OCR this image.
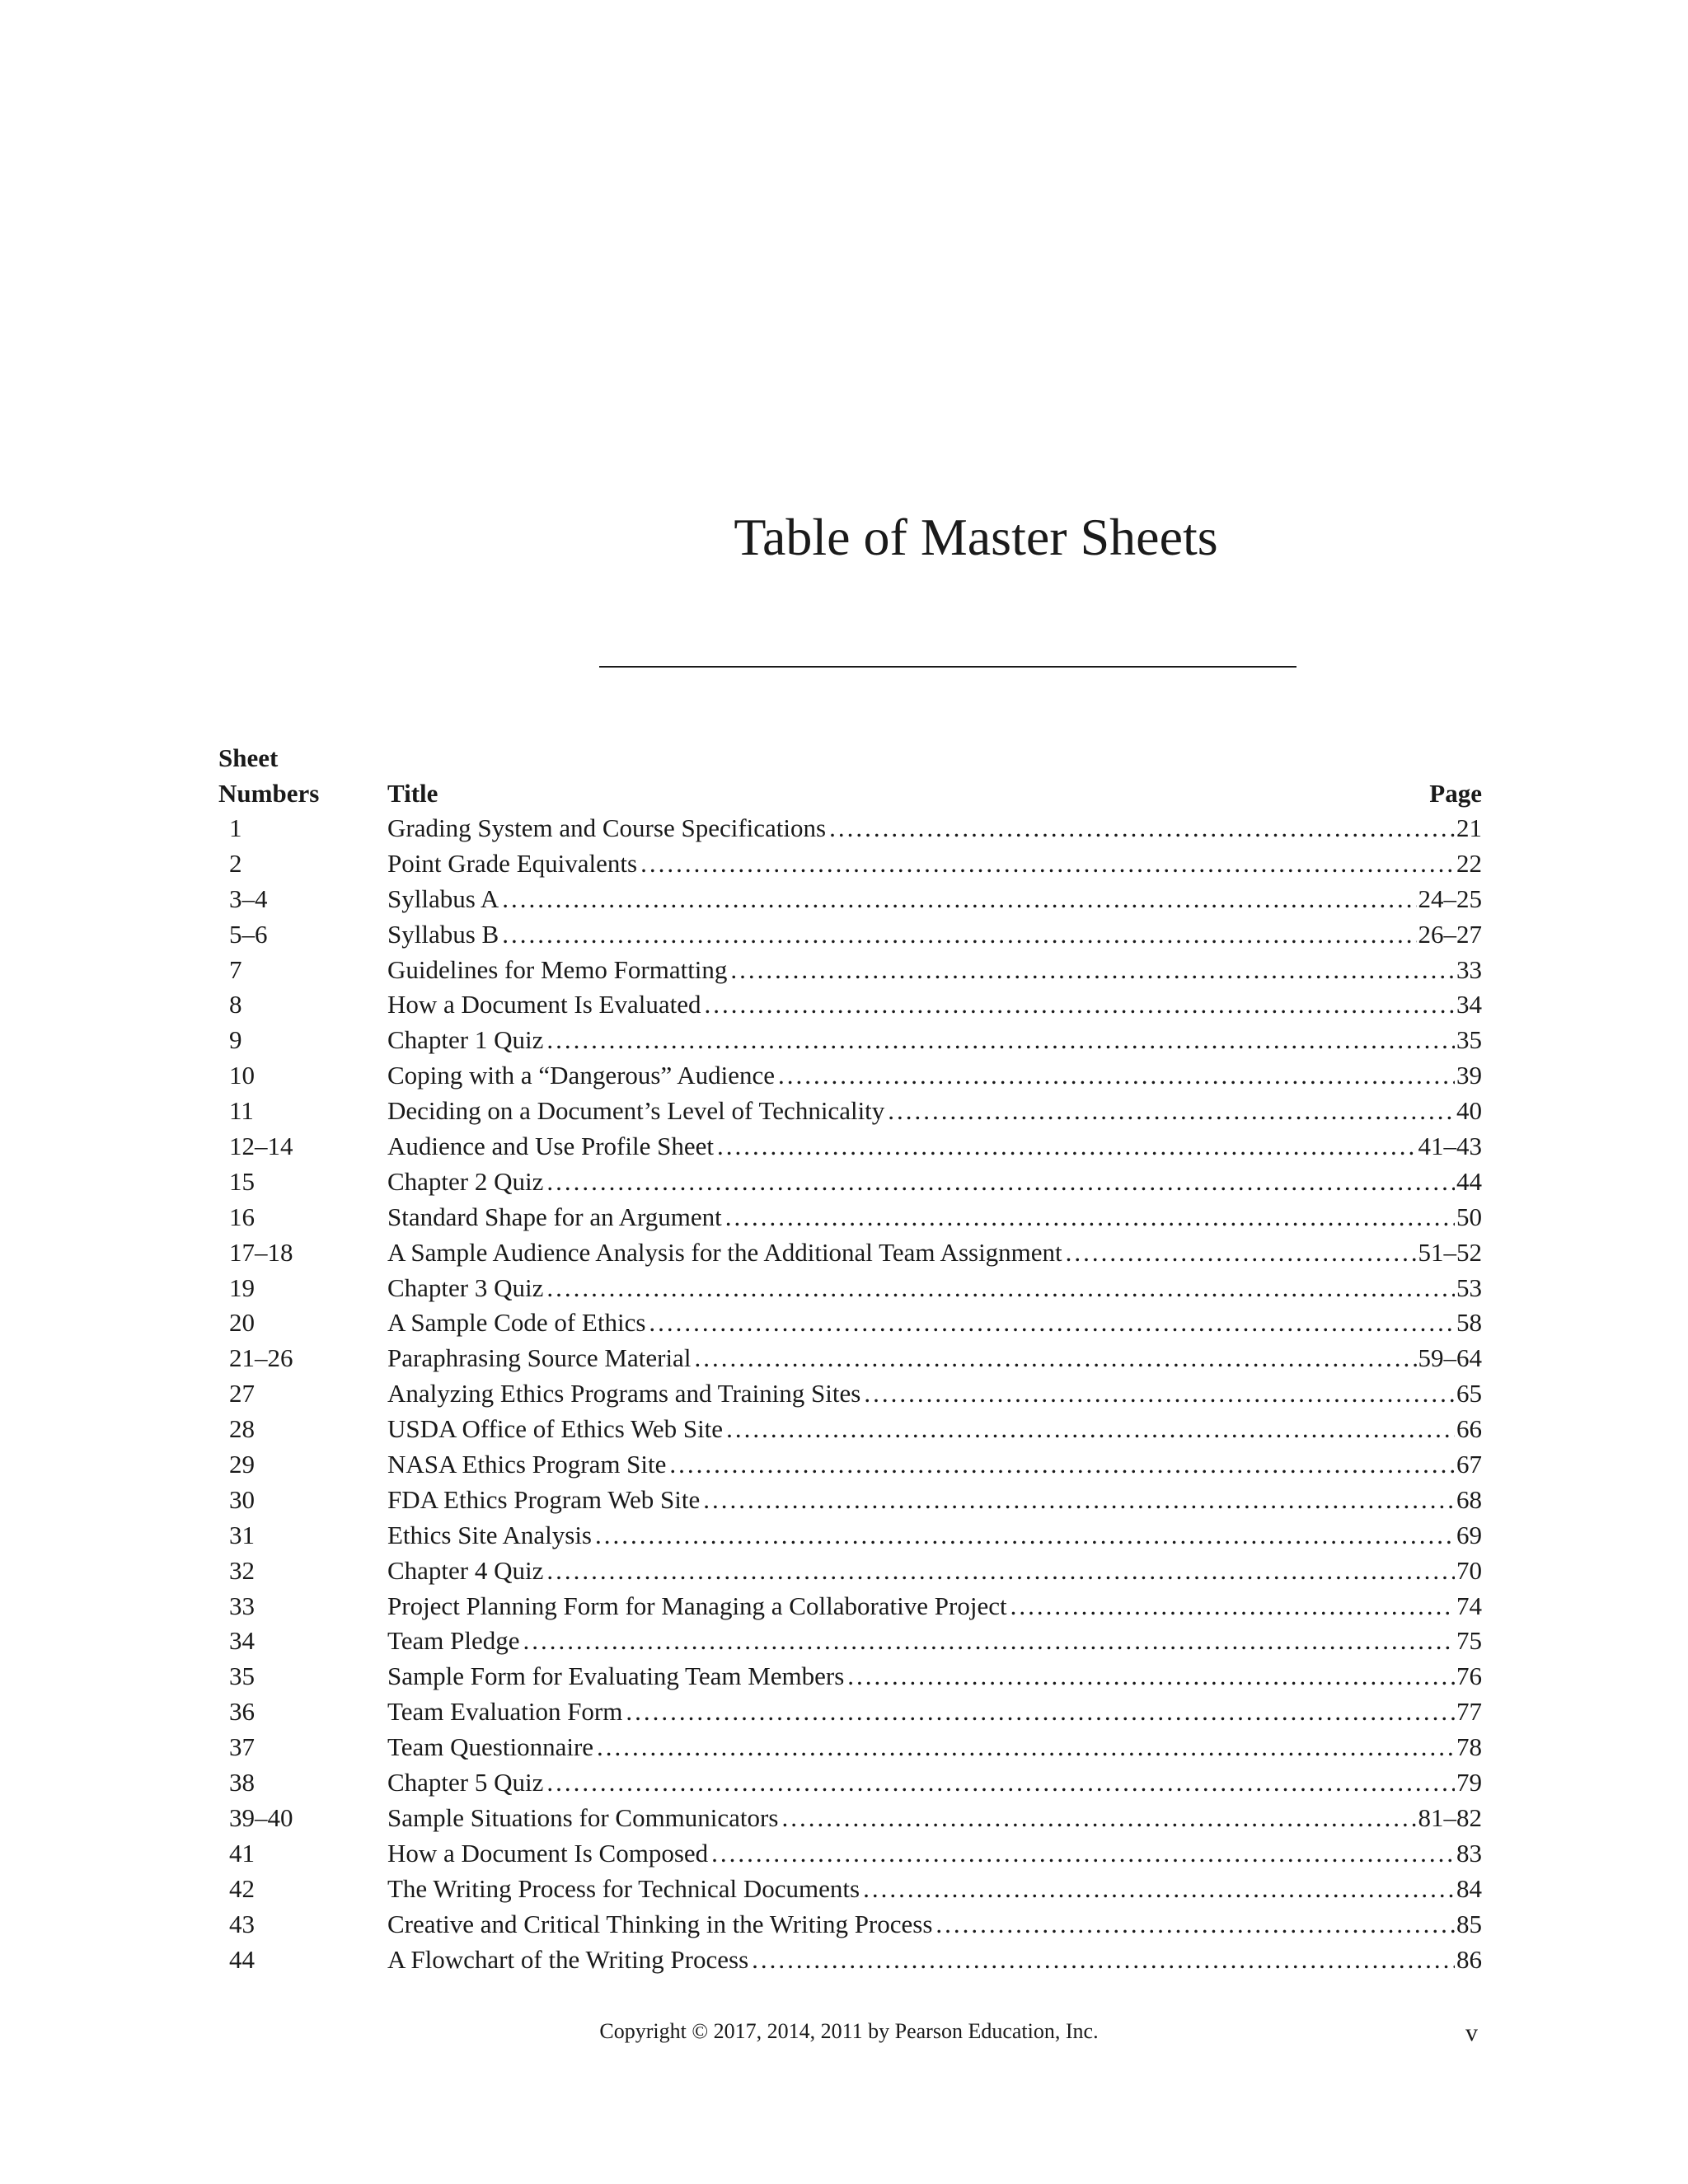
Table of Master Sheets
Sheet
Numbers	Title	Page
1	Grading System and Course Specifications .....	21
2	Point Grade Equivalents .....	22
3–4	Syllabus A .....	24–25
5–6	Syllabus B .....	26–27
7	Guidelines for Memo Formatting .....	33
8	How a Document Is Evaluated .....	34
9	Chapter 1 Quiz .....	35
10	Coping with a “Dangerous” Audience .....	39
11	Deciding on a Document’s Level of Technicality .....	40
12–14	Audience and Use Profile Sheet .....	41–43
15	Chapter 2 Quiz .....	44
16	Standard Shape for an Argument .....	50
17–18	A Sample Audience Analysis for the Additional Team Assignment .....	51–52
19	Chapter 3 Quiz .....	53
20	A Sample Code of Ethics .....	58
21–26	Paraphrasing Source Material .....	59–64
27	Analyzing Ethics Programs and Training Sites .....	65
28	USDA Office of Ethics Web Site .....	66
29	NASA Ethics Program Site .....	67
30	FDA Ethics Program Web Site .....	68
31	Ethics Site Analysis .....	69
32	Chapter 4 Quiz .....	70
33	Project Planning Form for Managing a Collaborative Project .....	74
34	Team Pledge .....	75
35	Sample Form for Evaluating Team Members .....	76
36	Team Evaluation Form .....	77
37	Team Questionnaire .....	78
38	Chapter 5 Quiz .....	79
39–40	Sample Situations for Communicators .....	81–82
41	How a Document Is Composed .....	83
42	The Writing Process for Technical Documents .....	84
43	Creative and Critical Thinking in the Writing Process .....	85
44	A Flowchart of the Writing Process .....	86
Copyright © 2017, 2014, 2011 by Pearson Education, Inc.	v
